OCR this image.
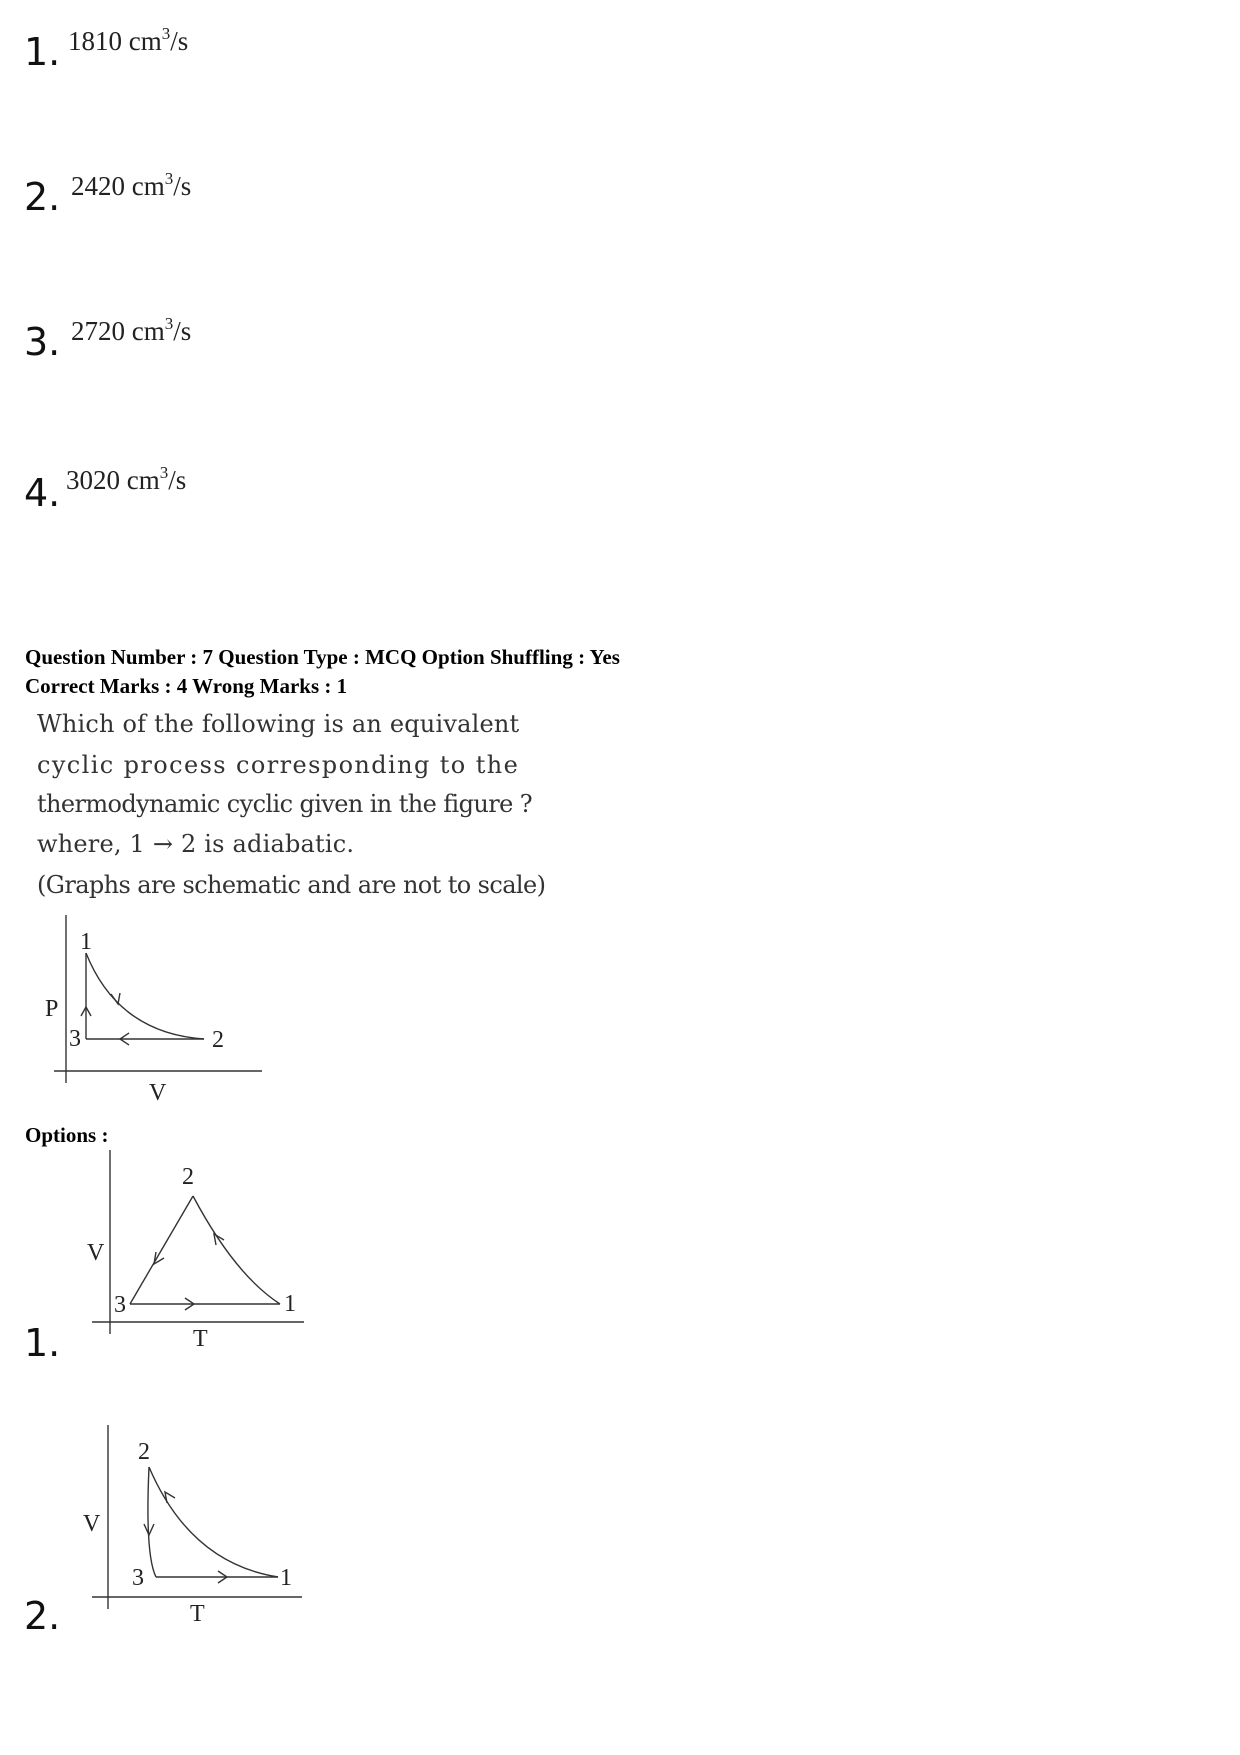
1. 1810 $cm^3/s$
2. 2420 $cm^3/s$
3. 2720 $cm^3/s$
4. 3020 $cm^3/s$
Question Number : 7 Question Type : MCQ Option Shuffling : Yes
Correct Marks : 4 Wrong Marks : 1
Which of the following is an equivalent
cyclic process corresponding to the
thermodynamic cyclic given in the figure ?
where, 1 → 2 is adiabatic.
(Graphs are schematic and are not to scale)
1
3	2
P
V
Options :
1.
2
3	1
V
T
2.
2
3	1
V
T
